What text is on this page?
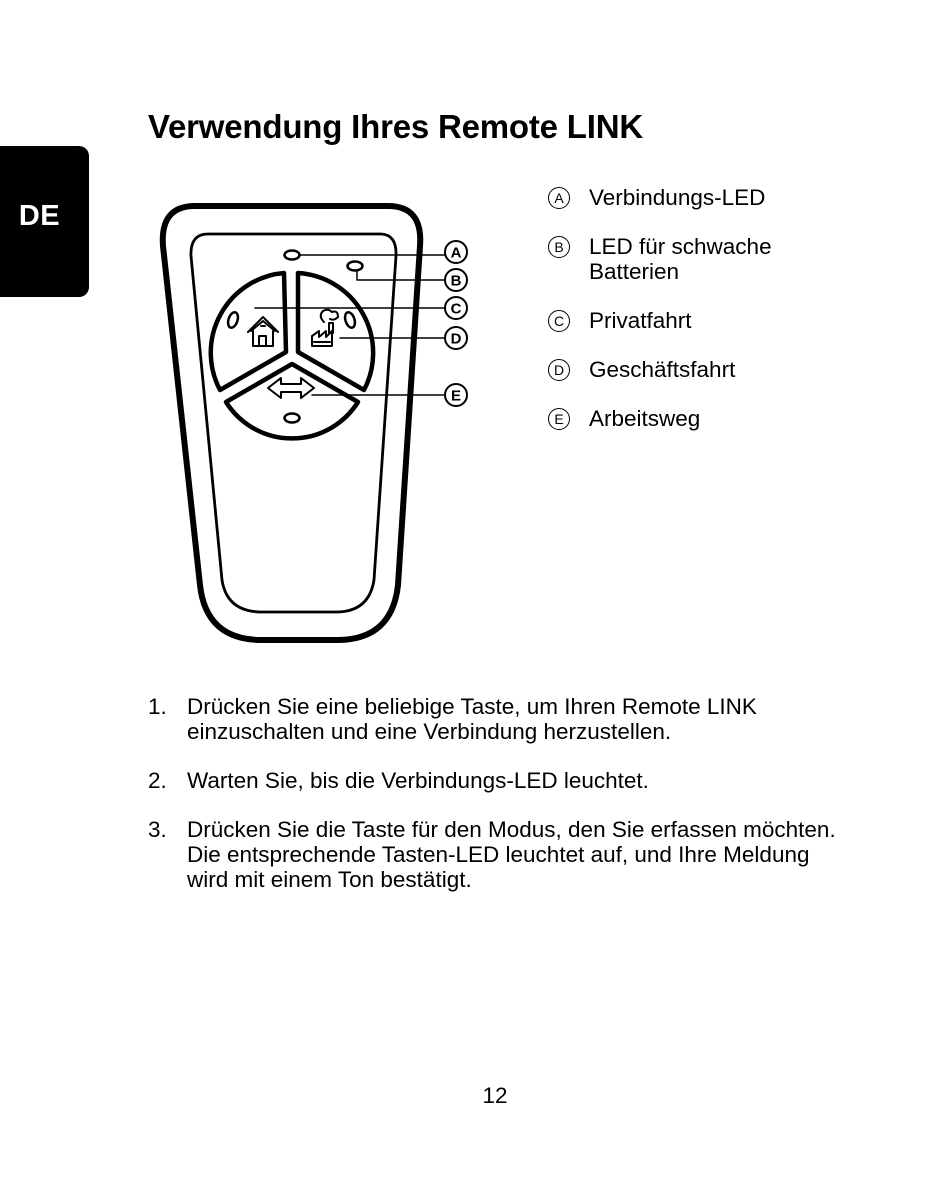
DE
Verwendung Ihres Remote LINK
A
B
C
D
E
A Verbindungs-LED
B LED für schwache Batterien
C Privatfahrt
D Geschäftsfahrt
E Arbeitsweg
1. Drücken Sie eine beliebige Taste, um Ihren Remote LINK einzuschalten und eine Verbindung herzustellen.
2. Warten Sie, bis die Verbindungs-LED leuchtet.
3. Drücken Sie die Taste für den Modus, den Sie erfassen möchten. Die entsprechende Tasten-LED leuchtet auf, und Ihre Meldung wird mit einem Ton bestätigt.
12
